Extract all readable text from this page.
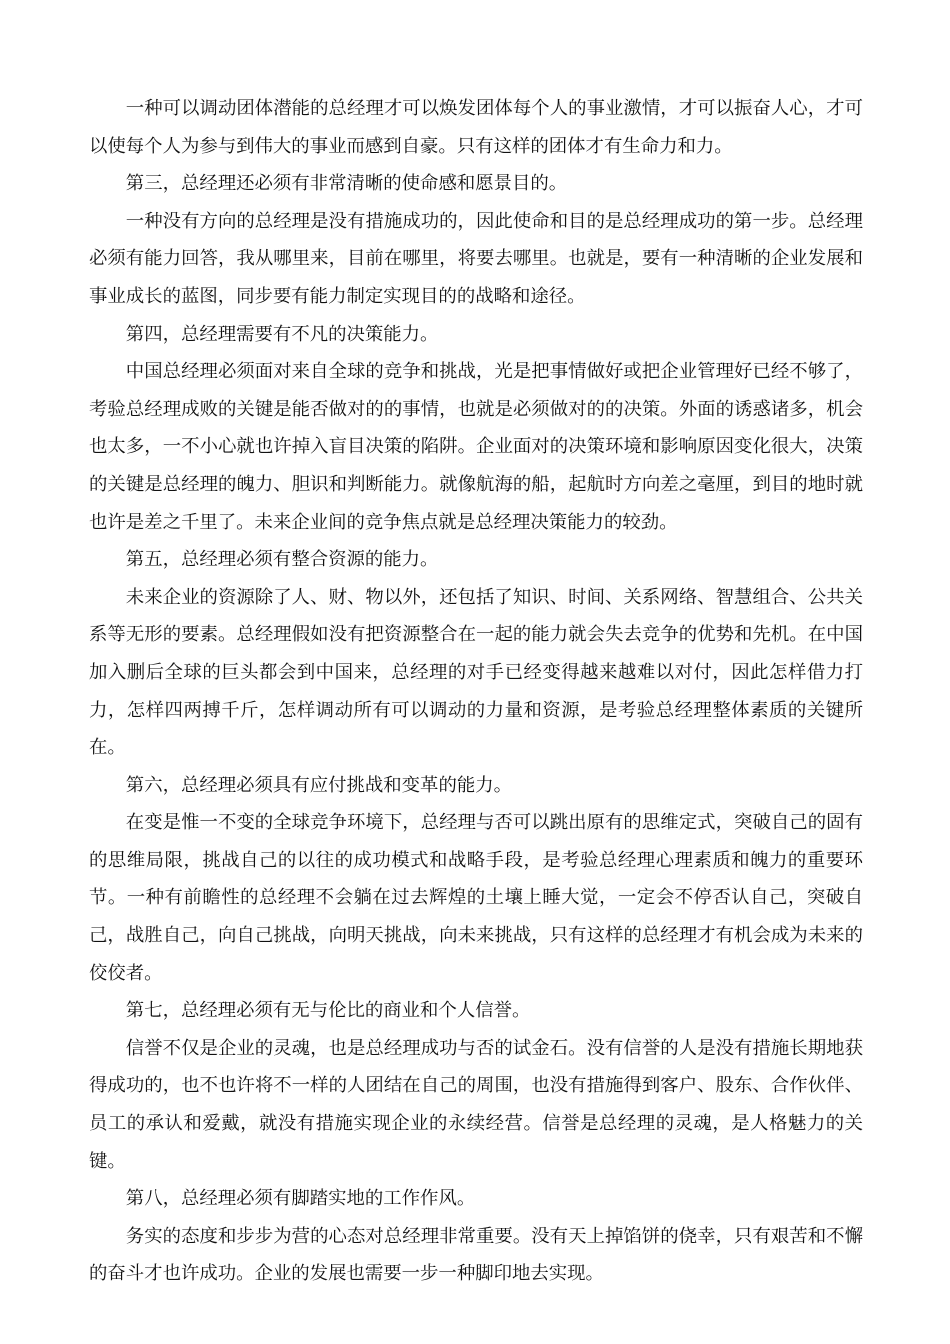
一种可以调动团体潜能的总经理才可以焕发团体每个人的事业激情，才可以振奋人心，才可以使每个人为参与到伟大的事业而感到自豪。只有这样的团体才有生命力和力。

第三，总经理还必须有非常清晰的使命感和愿景目的。

一种没有方向的总经理是没有措施成功的，因此使命和目的是总经理成功的第一步。总经理必须有能力回答，我从哪里来，目前在哪里，将要去哪里。也就是，要有一种清晰的企业发展和事业成长的蓝图，同步要有能力制定实现目的的战略和途径。

第四，总经理需要有不凡的决策能力。

中国总经理必须面对来自全球的竞争和挑战，光是把事情做好或把企业管理好已经不够了，考验总经理成败的关键是能否做对的的事情，也就是必须做对的的决策。外面的诱惑诸多，机会也太多，一不小心就也许掉入盲目决策的陷阱。企业面对的决策环境和影响原因变化很大，决策的关键是总经理的魄力、胆识和判断能力。就像航海的船，起航时方向差之毫厘，到目的地时就也许是差之千里了。未来企业间的竞争焦点就是总经理决策能力的较劲。

第五，总经理必须有整合资源的能力。

未来企业的资源除了人、财、物以外，还包括了知识、时间、关系网络、智慧组合、公共关系等无形的要素。总经理假如没有把资源整合在一起的能力就会失去竞争的优势和先机。在中国加入删后全球的巨头都会到中国来，总经理的对手已经变得越来越难以对付，因此怎样借力打力，怎样四两搏千斤，怎样调动所有可以调动的力量和资源，是考验总经理整体素质的关键所在。

第六，总经理必须具有应付挑战和变革的能力。

在变是惟一不变的全球竞争环境下，总经理与否可以跳出原有的思维定式，突破自己的固有的思维局限，挑战自己的以往的成功模式和战略手段，是考验总经理心理素质和魄力的重要环节。一种有前瞻性的总经理不会躺在过去辉煌的土壤上睡大觉，一定会不停否认自己，突破自己，战胜自己，向自己挑战，向明天挑战，向未来挑战，只有这样的总经理才有机会成为未来的佼佼者。

第七，总经理必须有无与伦比的商业和个人信誉。

信誉不仅是企业的灵魂，也是总经理成功与否的试金石。没有信誉的人是没有措施长期地获得成功的，也不也许将不一样的人团结在自己的周围，也没有措施得到客户、股东、合作伙伴、员工的承认和爱戴，就没有措施实现企业的永续经营。信誉是总经理的灵魂，是人格魅力的关键。

第八，总经理必须有脚踏实地的工作作风。

务实的态度和步步为营的心态对总经理非常重要。没有天上掉馅饼的侥幸，只有艰苦和不懈的奋斗才也许成功。企业的发展也需要一步一种脚印地去实现。
